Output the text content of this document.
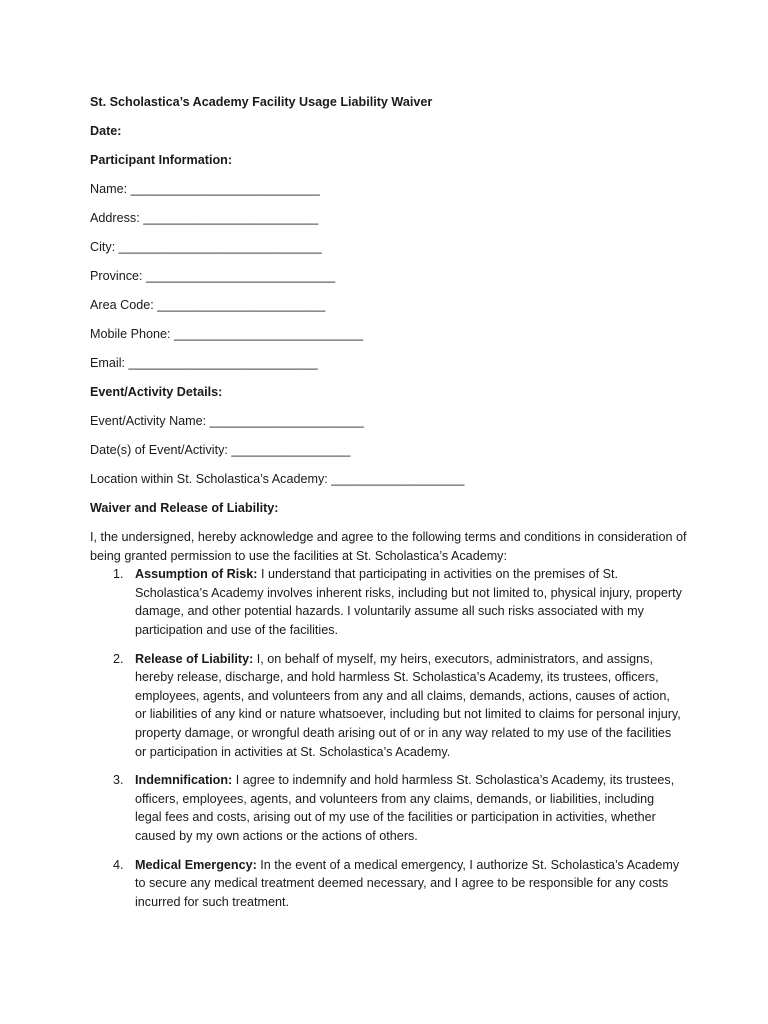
St. Scholastica’s Academy Facility Usage Liability Waiver
Date:
Participant Information:
Name: ___________________________
Address: _________________________
City: _____________________________
Province: ___________________________
Area Code: ________________________
Mobile Phone: ___________________________
Email: ___________________________
Event/Activity Details:
Event/Activity Name: ______________________
Date(s) of Event/Activity: _________________
Location within St. Scholastica’s Academy: ___________________
Waiver and Release of Liability:
I, the undersigned, hereby acknowledge and agree to the following terms and conditions in consideration of being granted permission to use the facilities at St. Scholastica’s Academy:
1. Assumption of Risk: I understand that participating in activities on the premises of St. Scholastica’s Academy involves inherent risks, including but not limited to, physical injury, property damage, and other potential hazards. I voluntarily assume all such risks associated with my participation and use of the facilities.
2. Release of Liability: I, on behalf of myself, my heirs, executors, administrators, and assigns, hereby release, discharge, and hold harmless St. Scholastica’s Academy, its trustees, officers, employees, agents, and volunteers from any and all claims, demands, actions, causes of action, or liabilities of any kind or nature whatsoever, including but not limited to claims for personal injury, property damage, or wrongful death arising out of or in any way related to my use of the facilities or participation in activities at St. Scholastica’s Academy.
3. Indemnification: I agree to indemnify and hold harmless St. Scholastica’s Academy, its trustees, officers, employees, agents, and volunteers from any claims, demands, or liabilities, including legal fees and costs, arising out of my use of the facilities or participation in activities, whether caused by my own actions or the actions of others.
4. Medical Emergency: In the event of a medical emergency, I authorize St. Scholastica’s Academy to secure any medical treatment deemed necessary, and I agree to be responsible for any costs incurred for such treatment.
